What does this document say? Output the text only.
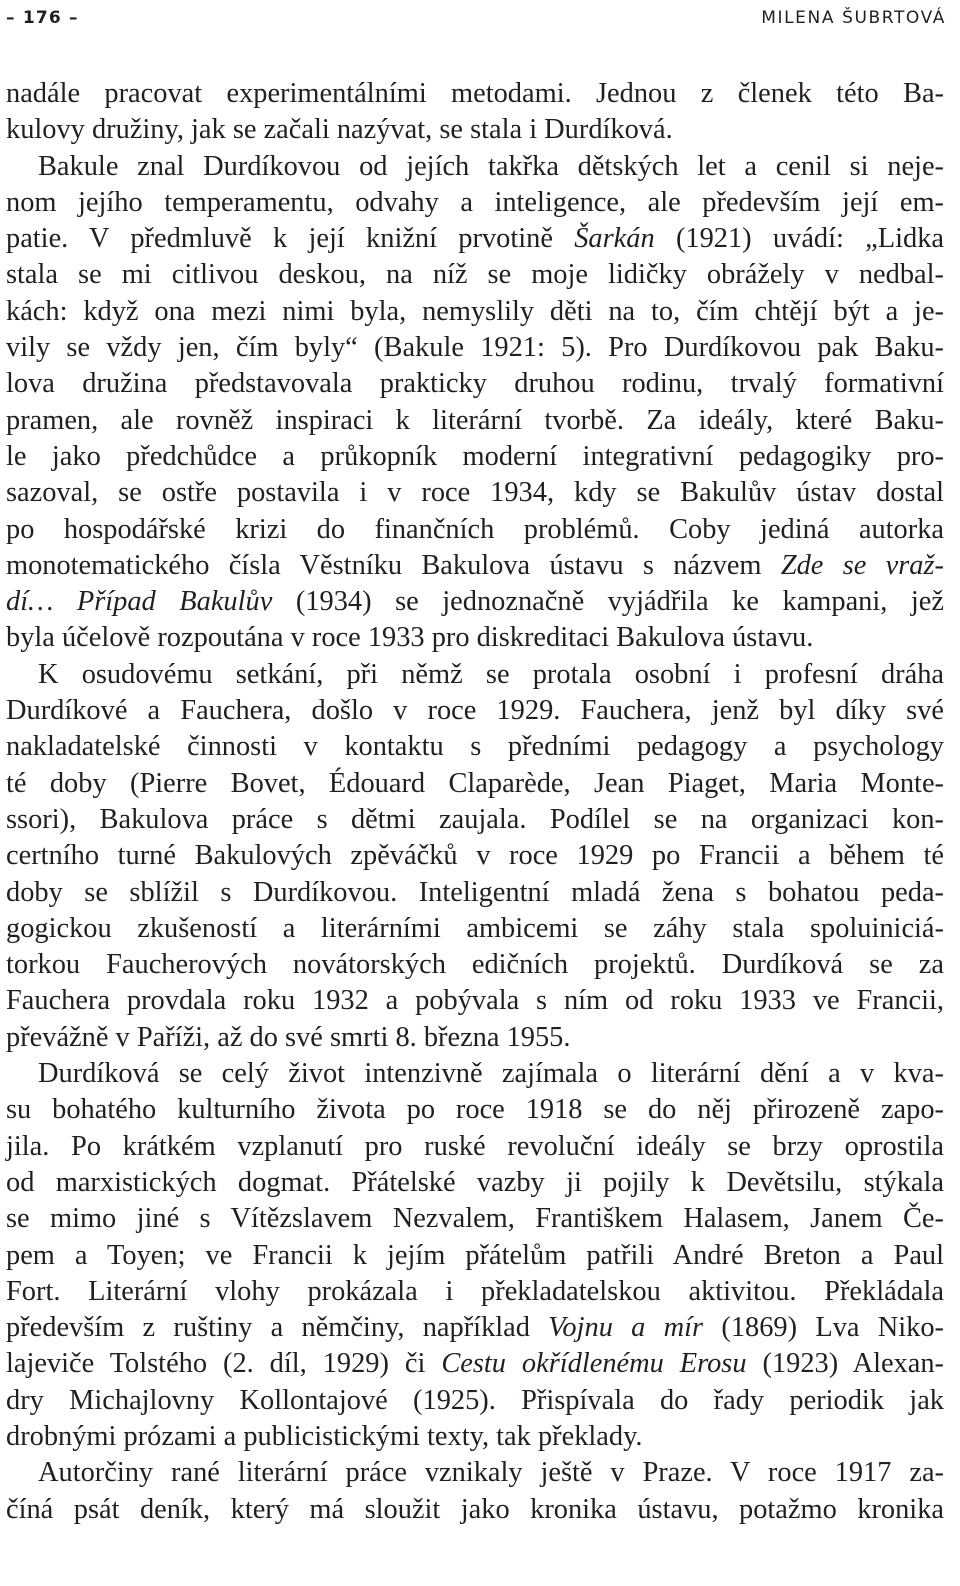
– 176 –	MILENA ŠUBRTOVÁ
nadále pracovat experimentálními metodami. Jednou z členek této Ba-
kulovy družiny, jak se začali nazývat, se stala i Durdíková.
Bakule znal Durdíkovou od jejích takřka dětských let a cenil si neje-
nom jejího temperamentu, odvahy a inteligence, ale především její em-
patie. V předmluvě k její knižní prvotině Šarkán (1921) uvádí: „Lidka
stala se mi citlivou deskou, na níž se moje lidičky obrážely v nedbal-
kách: když ona mezi nimi byla, nemyslily děti na to, čím chtějí být a je-
vily se vždy jen, čím byly“ (Bakule 1921: 5). Pro Durdíkovou pak Baku-
lova družina představovala prakticky druhou rodinu, trvalý formativní
pramen, ale rovněž inspiraci k literární tvorbě. Za ideály, které Baku-
le jako předchůdce a průkopník moderní integrativní pedagogiky pro-
sazoval, se ostře postavila i v roce 1934, kdy se Bakulův ústav dostal
po hospodářské krizi do finančních problémů. Coby jediná autorka
monotematického čísla Věstníku Bakulova ústavu s názvem Zde se vraž-
dí… Případ Bakulův (1934) se jednoznačně vyjádřila ke kampani, jež
byla účelově rozpoutána v roce 1933 pro diskreditaci Bakulova ústavu.
K osudovému setkání, při němž se protala osobní i profesní dráha
Durdíkové a Fauchera, došlo v roce 1929. Fauchera, jenž byl díky své
nakladatelské činnosti v kontaktu s předními pedagogy a psychology
té doby (Pierre Bovet, Édouard Claparède, Jean Piaget, Maria Monte-
ssori), Bakulova práce s dětmi zaujala. Podílel se na organizaci kon-
certního turné Bakulových zpěváčků v roce 1929 po Francii a během té
doby se sblížil s Durdíkovou. Inteligentní mladá žena s bohatou peda-
gogickou zkušeností a literárními ambicemi se záhy stala spoluiniciá-
torkou Faucherových novátorských edičních projektů. Durdíková se za
Fauchera provdala roku 1932 a pobývala s ním od roku 1933 ve Francii,
převážně v Paříži, až do své smrti 8. března 1955.
Durdíková se celý život intenzivně zajímala o literární dění a v kva-
su bohatého kulturního života po roce 1918 se do něj přirozeně zapo-
jila. Po krátkém vzplanutí pro ruské revoluční ideály se brzy oprostila
od marxistických dogmat. Přátelské vazby ji pojily k Devětsilu, stýkala
se mimo jiné s Vítězslavem Nezvalem, Františkem Halasem, Janem Če-
pem a Toyen; ve Francii k jejím přátelům patřili André Breton a Paul
Fort. Literární vlohy prokázala i překladatelskou aktivitou. Překládala
především z ruštiny a němčiny, například Vojnu a mír (1869) Lva Niko-
lajeviče Tolstého (2. díl, 1929) či Cestu okřídlenému Erosu (1923) Alexan-
dry Michajlovny Kollontajové (1925). Přispívala do řady periodik jak
drobnými prózami a publicistickými texty, tak překlady.
Autorčiny rané literární práce vznikaly ještě v Praze. V roce 1917 za-
číná psát deník, který má sloužit jako kronika ústavu, potažmo kronika
